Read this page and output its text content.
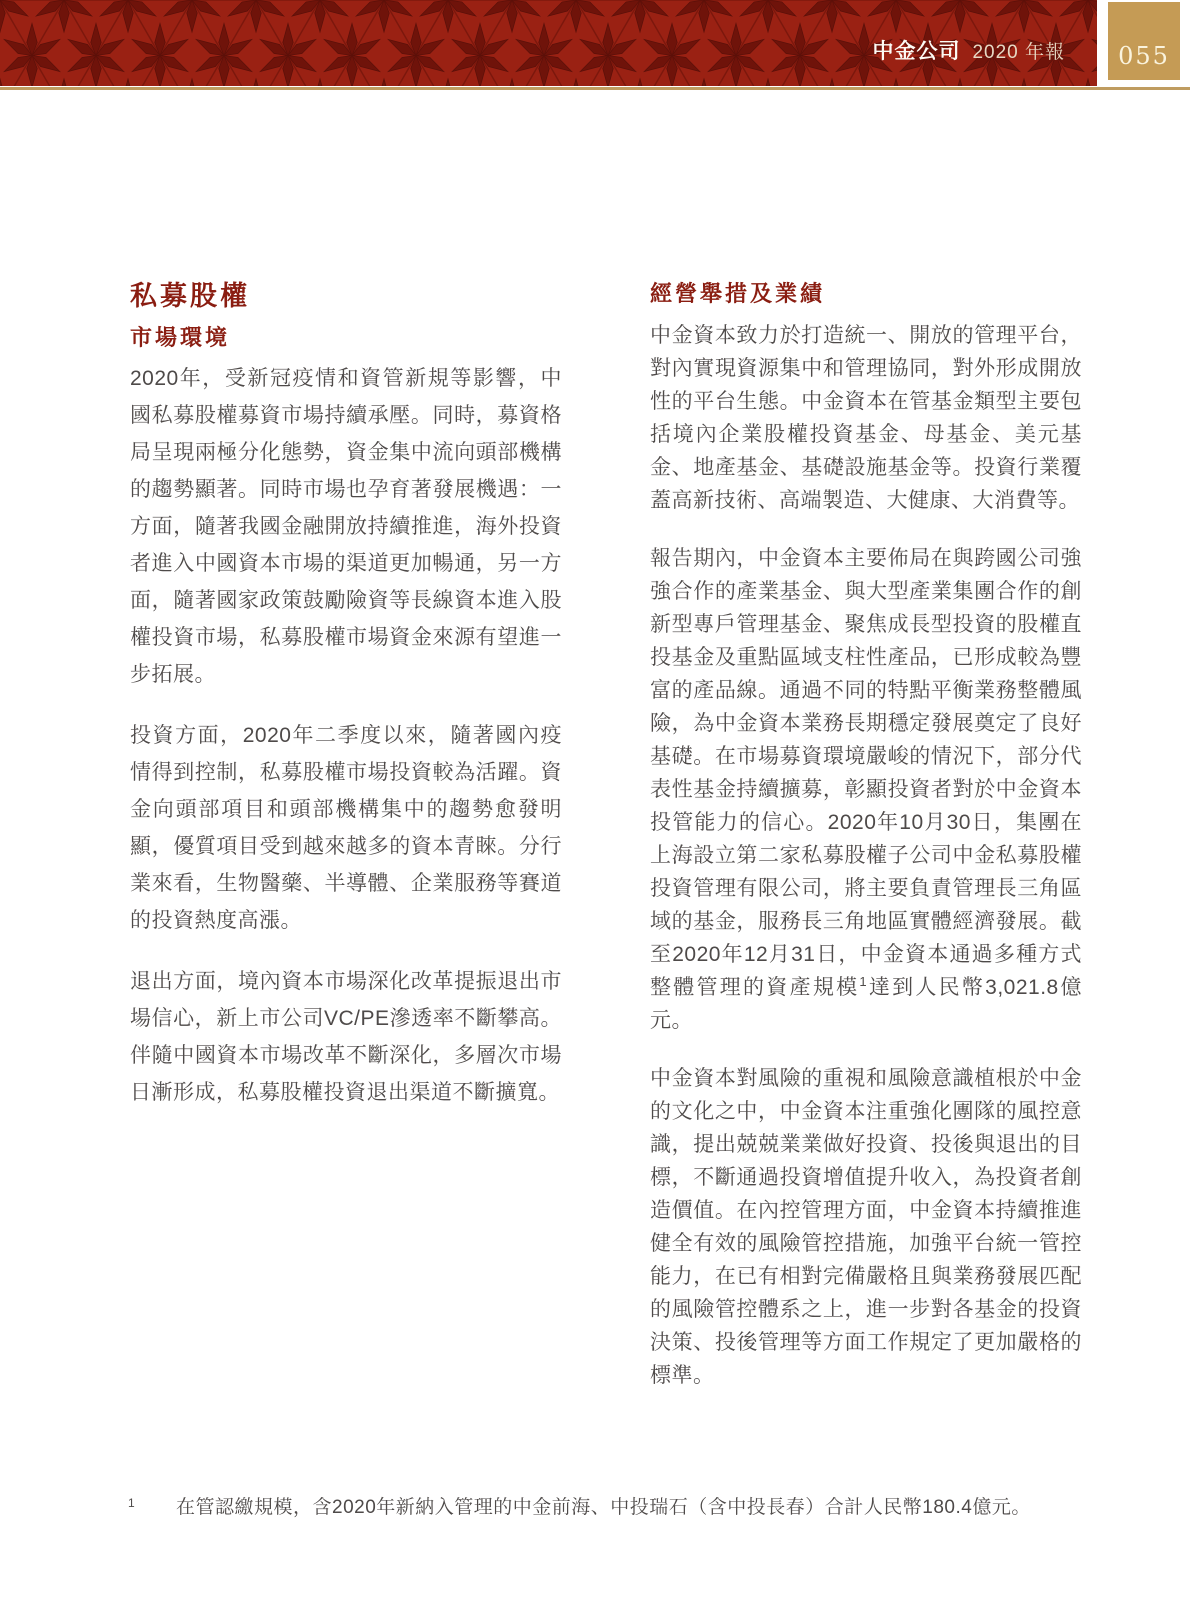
中金公司 2020 年報 055
私募股權
市場環境

2020年，受新冠疫情和資管新規等影響，中國私募股權募資市場持續承壓。同時，募資格局呈現兩極分化態勢，資金集中流向頭部機構的趨勢顯著。同時市場也孕育著發展機遇：一方面，隨著我國金融開放持續推進，海外投資者進入中國資本市場的渠道更加暢通，另一方面，隨著國家政策鼓勵險資等長線資本進入股權投資市場，私募股權市場資金來源有望進一步拓展。

投資方面，2020年二季度以來，隨著國內疫情得到控制，私募股權市場投資較為活躍。資金向頭部項目和頭部機構集中的趨勢愈發明顯，優質項目受到越來越多的資本青睞。分行業來看，生物醫藥、半導體、企業服務等賽道的投資熱度高漲。

退出方面，境內資本市場深化改革提振退出市場信心，新上市公司VC/PE滲透率不斷攀高。伴隨中國資本市場改革不斷深化，多層次市場日漸形成，私募股權投資退出渠道不斷擴寬。

經營舉措及業績

中金資本致力於打造統一、開放的管理平台，對內實現資源集中和管理協同，對外形成開放性的平台生態。中金資本在管基金類型主要包括境內企業股權投資基金、母基金、美元基金、地產基金、基礎設施基金等。投資行業覆蓋高新技術、高端製造、大健康、大消費等。

報告期內，中金資本主要佈局在與跨國公司強強合作的產業基金、與大型產業集團合作的創新型專戶管理基金、聚焦成長型投資的股權直投基金及重點區域支柱性產品，已形成較為豐富的產品線。通過不同的特點平衡業務整體風險，為中金資本業務長期穩定發展奠定了良好基礎。在市場募資環境嚴峻的情況下，部分代表性基金持續擴募，彰顯投資者對於中金資本投管能力的信心。2020年10月30日，集團在上海設立第二家私募股權子公司中金私募股權投資管理有限公司，將主要負責管理長三角區域的基金，服務長三角地區實體經濟發展。截至2020年12月31日，中金資本通過多種方式整體管理的資產規模$^1$達到人民幣3,021.8億元。

中金資本對風險的重視和風險意識植根於中金的文化之中，中金資本注重強化團隊的風控意識，提出兢兢業業做好投資、投後與退出的目標，不斷通過投資增值提升收入，為投資者創造價值。在內控管理方面，中金資本持續推進健全有效的風險管控措施，加強平台統一管控能力，在已有相對完備嚴格且與業務發展匹配的風險管控體系之上，進一步對各基金的投資決策、投後管理等方面工作規定了更加嚴格的標準。

1	在管認繳規模，含2020年新納入管理的中金前海、中投瑞石（含中投長春）合計人民幣180.4億元。
